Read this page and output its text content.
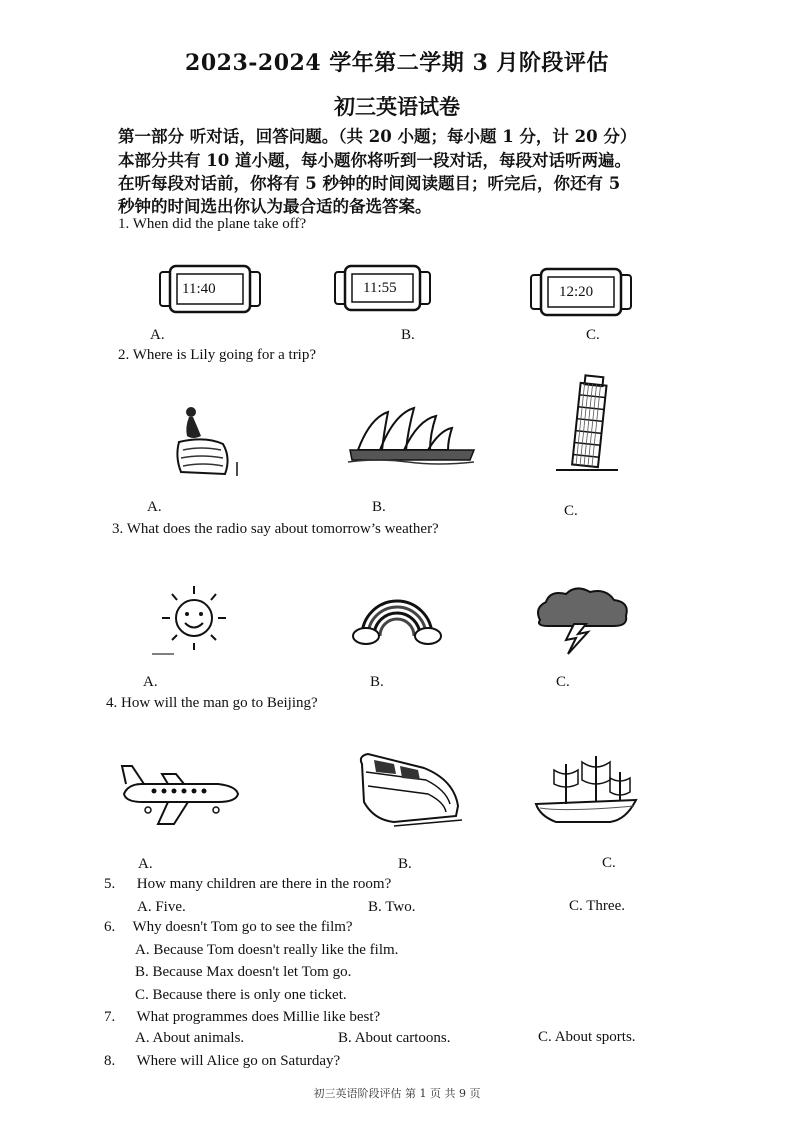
2023-2024 学年第二学期 3 月阶段评估
初三英语试卷
第一部分 听对话，回答问题。（共 20 小题；每小题 1 分，计 20 分）
本部分共有 10 道小题，每小题你将听到一段对话，每段对话听两遍。
在听每段对话前，你将有 5 秒钟的时间阅读题目；听完后，你还有 5
秒钟的时间选出你认为最合适的备选答案。
1. When did the plane take off?
11:40	11:55	12:20
A.	B.	C.
2. Where is Lily going for a trip?
A.	B.	C.
3. What does the radio say about tomorrow’s weather?
A.	B.	C.
4. How will the man go to Beijing?
A.	B.	C.
5. How many children are there in the room?
A. Five.	B. Two.	C. Three.
6. Why doesn't Tom go to see the film?
A. Because Tom doesn't really like the film.
B. Because Max doesn't let Tom go.
C. Because there is only one ticket.
7. What programmes does Millie like best?
A. About animals.	B. About cartoons.	C. About sports.
8. Where will Alice go on Saturday?
初三英语阶段评估 第 1 页 共 9 页
